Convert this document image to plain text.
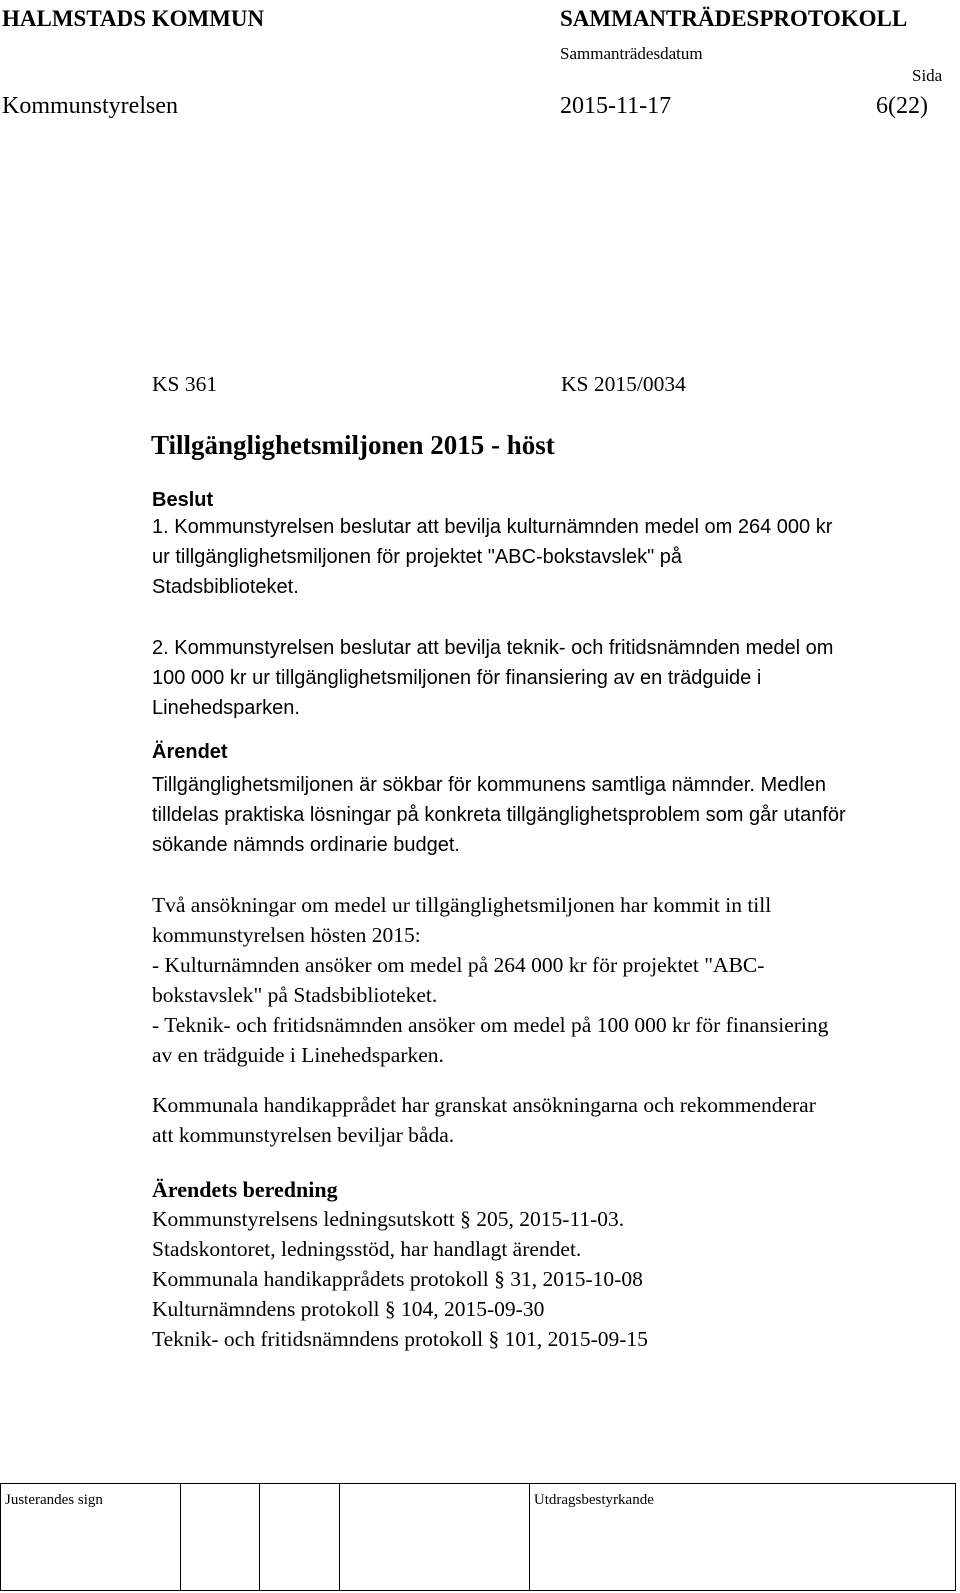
HALMSTADS KOMMUN	SAMMANTRÄDESPROTOKOLL
Sammanträdesdatum
Sida
Kommunstyrelsen	2015-11-17	6(22)
KS 361	KS 2015/0034
Tillgänglighetsmiljonen 2015 - höst
Beslut

1. Kommunstyrelsen beslutar att bevilja kulturnämnden medel om 264 000 kr
ur tillgänglighetsmiljonen för projektet "ABC-bokstavslek" på
Stadsbiblioteket.

2. Kommunstyrelsen beslutar att bevilja teknik- och fritidsnämnden medel om
100 000 kr ur tillgänglighetsmiljonen för finansiering av en trädguide i
Linehedsparken.

Ärendet

Tillgänglighetsmiljonen är sökbar för kommunens samtliga nämnder. Medlen
tilldelas praktiska lösningar på konkreta tillgänglighetsproblem som går utanför
sökande nämnds ordinarie budget.

Två ansökningar om medel ur tillgänglighetsmiljonen har kommit in till
kommunstyrelsen hösten 2015:
- Kulturnämnden ansöker om medel på 264 000 kr för projektet "ABC-
bokstavslek" på Stadsbiblioteket.
- Teknik- och fritidsnämnden ansöker om medel på 100 000 kr för finansiering
av en trädguide i Linehedsparken.

Kommunala handikapprådet har granskat ansökningarna och rekommenderar
att kommunstyrelsen beviljar båda.

Ärendets beredning

Kommunstyrelsens ledningsutskott § 205, 2015-11-03.
Stadskontoret, ledningsstöd, har handlagt ärendet.
Kommunala handikapprådets protokoll § 31, 2015-10-08
Kulturnämndens protokoll § 104, 2015-09-30
Teknik- och fritidsnämndens protokoll § 101, 2015-09-15

Justerandes sign	Utdragsbestyrkande
